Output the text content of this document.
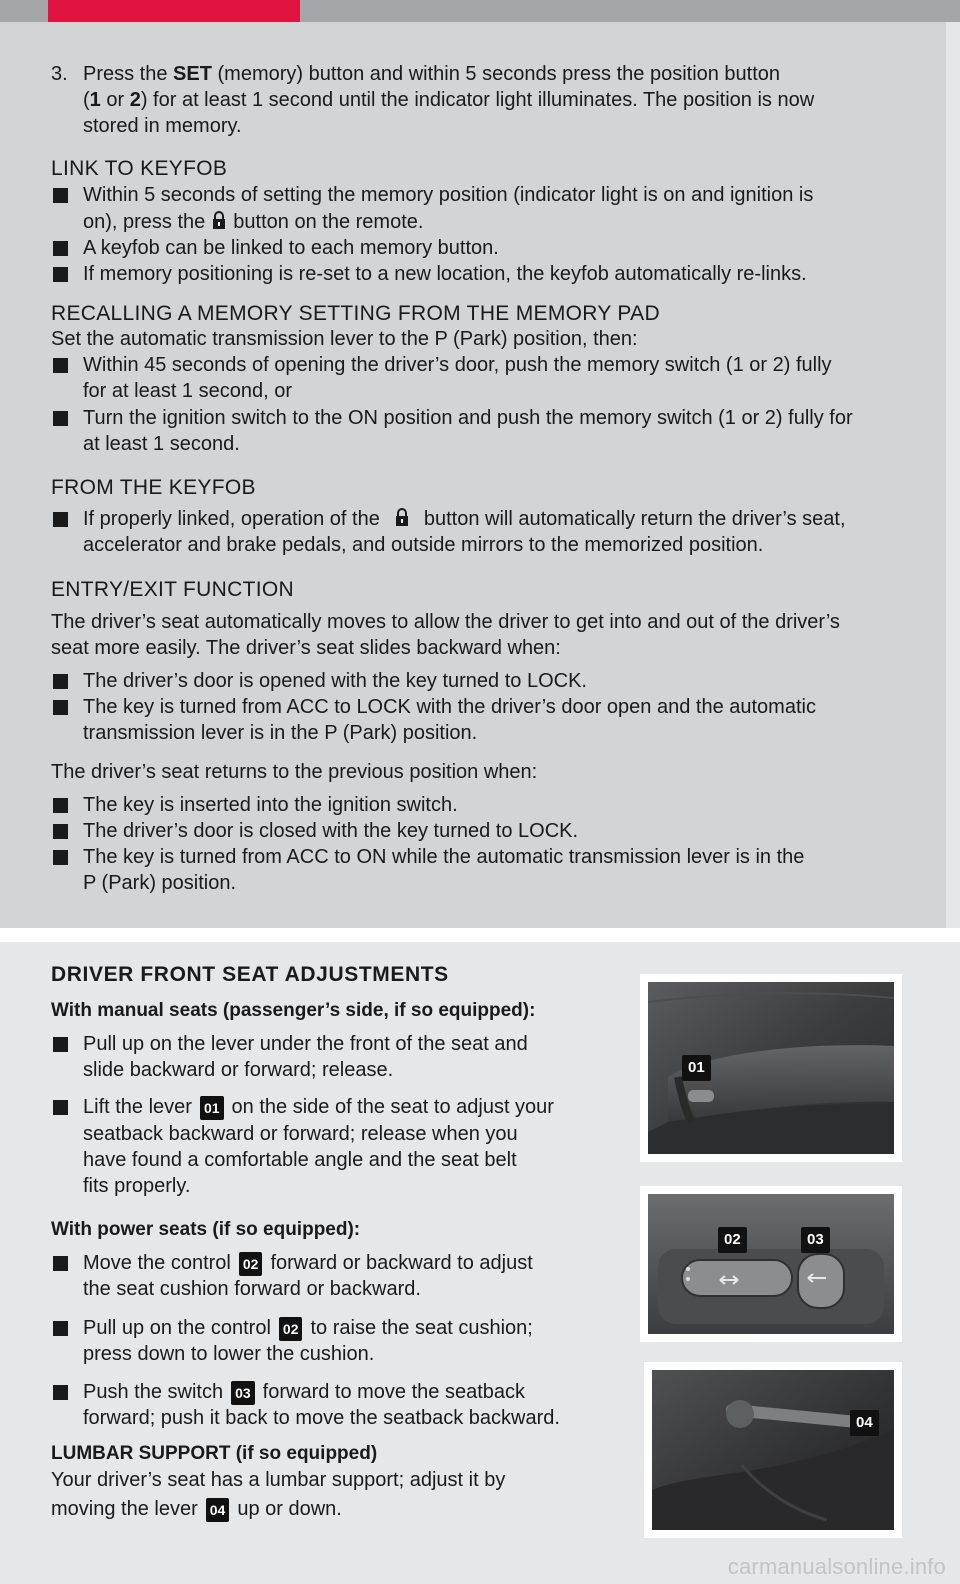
3. Press the SET (memory) button and within 5 seconds press the position button
(1 or 2) for at least 1 second until the indicator light illuminates. The position is now
stored in memory.
LINK TO KEYFOB
Within 5 seconds of setting the memory position (indicator light is on and ignition is
on), press the button on the remote.
A keyfob can be linked to each memory button.
If memory positioning is re-set to a new location, the keyfob automatically re-links.
RECALLING A MEMORY SETTING FROM THE MEMORY PAD
Set the automatic transmission lever to the P (Park) position, then:
Within 45 seconds of opening the driver’s door, push the memory switch (1 or 2) fully
for at least 1 second, or
Turn the ignition switch to the ON position and push the memory switch (1 or 2) fully for
at least 1 second.
FROM THE KEYFOB
If properly linked, operation of the button will automatically return the driver’s seat,
accelerator and brake pedals, and outside mirrors to the memorized position.
ENTRY/EXIT FUNCTION
The driver’s seat automatically moves to allow the driver to get into and out of the driver’s
seat more easily. The driver’s seat slides backward when:
The driver’s door is opened with the key turned to LOCK.
The key is turned from ACC to LOCK with the driver’s door open and the automatic
transmission lever is in the P (Park) position.
The driver’s seat returns to the previous position when:
The key is inserted into the ignition switch.
The driver’s door is closed with the key turned to LOCK.
The key is turned from ACC to ON while the automatic transmission lever is in the
P (Park) position.
DRIVER FRONT SEAT ADJUSTMENTS
With manual seats (passenger’s side, if so equipped):
Pull up on the lever under the front of the seat and
slide backward or forward; release.
Lift the lever 01 on the side of the seat to adjust your
seatback backward or forward; release when you
have found a comfortable angle and the seat belt
fits properly.
With power seats (if so equipped):
Move the control 02 forward or backward to adjust
the seat cushion forward or backward.
Pull up on the control 02 to raise the seat cushion;
press down to lower the cushion.
Push the switch 03 forward to move the seatback
forward; push it back to move the seatback backward.
LUMBAR SUPPORT (if so equipped)
Your driver’s seat has a lumbar support; adjust it by
moving the lever 04 up or down.
01
02	03
04
carmanualsonline.info
